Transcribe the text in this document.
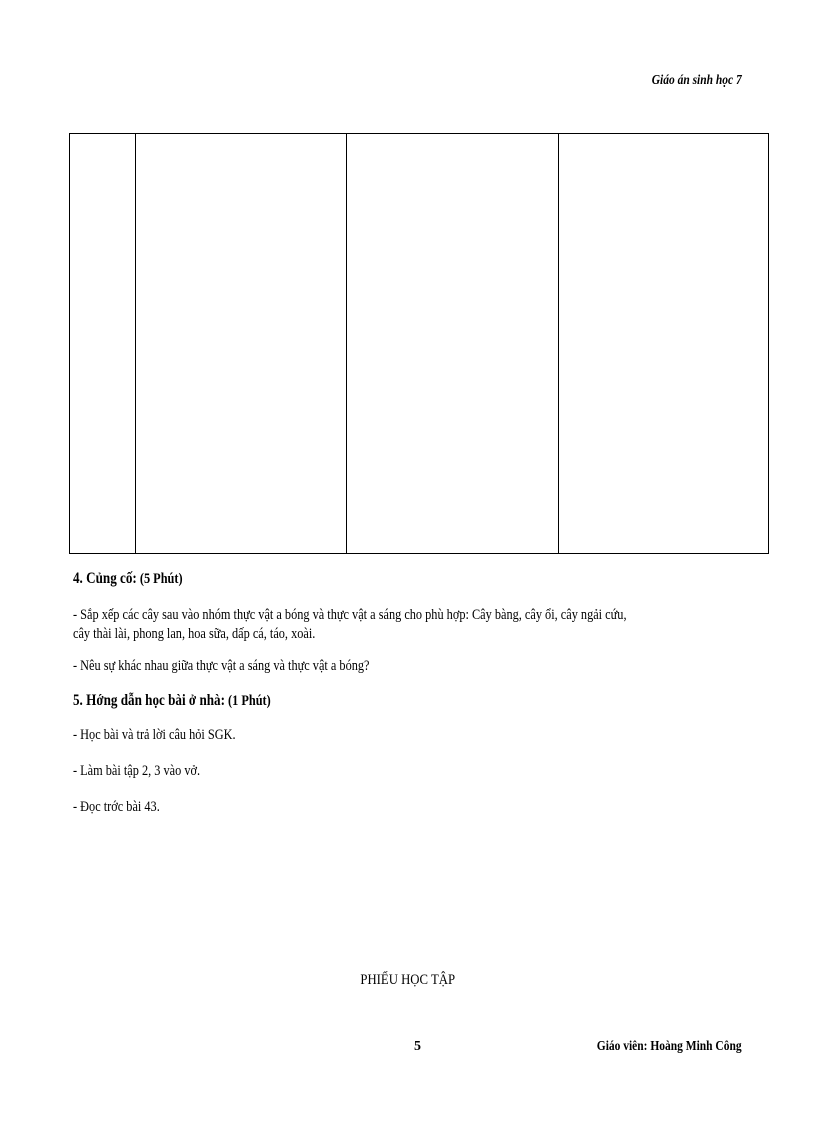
Giáo án sinh học 7

4. Củng cố: (5 Phút)

- Sắp xếp các cây sau vào nhóm thực vật a bóng và thực vật a sáng cho phù hợp: Cây bàng, cây ổi, cây ngải cứu,

cây thài lài, phong lan, hoa sữa, dấp cá, táo, xoài.

- Nêu sự khác nhau giữa thực vật a sáng và thực vật a bóng?

5. Hớng dẫn học bài ở nhà: (1 Phút)

- Học bài và trả lời câu hỏi SGK.

- Làm bài tập 2, 3 vào vở.

- Đọc trớc bài 43.

PHIẾU HỌC TẬP
5	Giáo viên: Hoàng Minh Công
